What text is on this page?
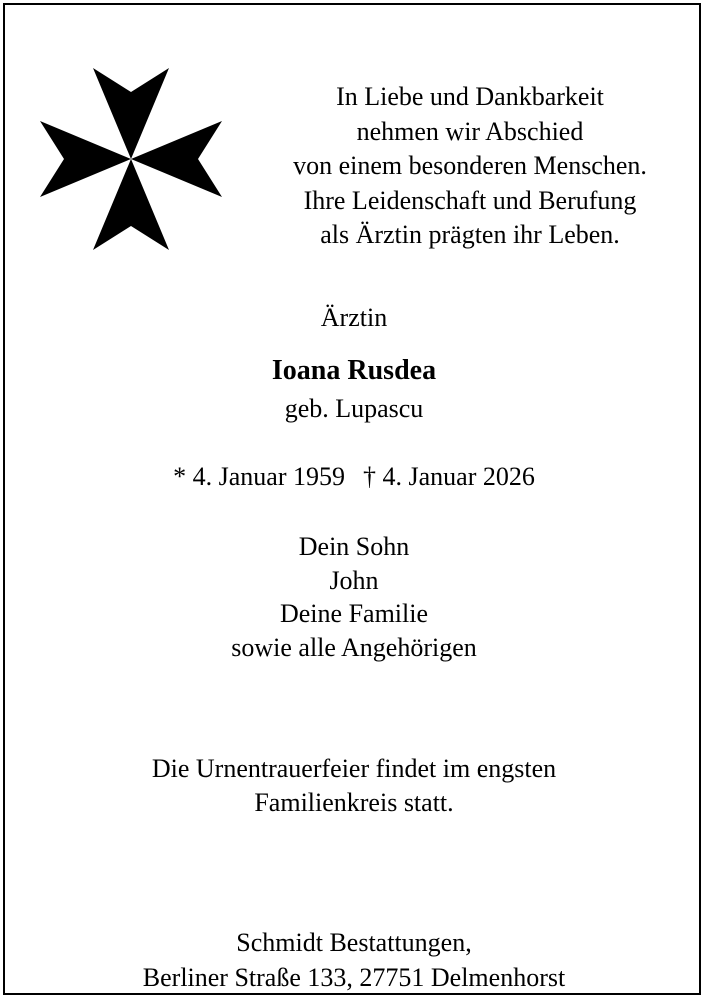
In Liebe und Dankbarkeit
nehmen wir Abschied
von einem besonderen Menschen.
Ihre Leidenschaft und Berufung
als Ärztin prägten ihr Leben.
Ärztin
Ioana Rusdea
geb. Lupascu
* 4. Januar 1959 † 4. Januar 2026
Dein Sohn
John
Deine Familie
sowie alle Angehörigen
Die Urnentrauerfeier findet im engsten
Familienkreis statt.
Schmidt Bestattungen,
Berliner Straße 133, 27751 Delmenhorst
